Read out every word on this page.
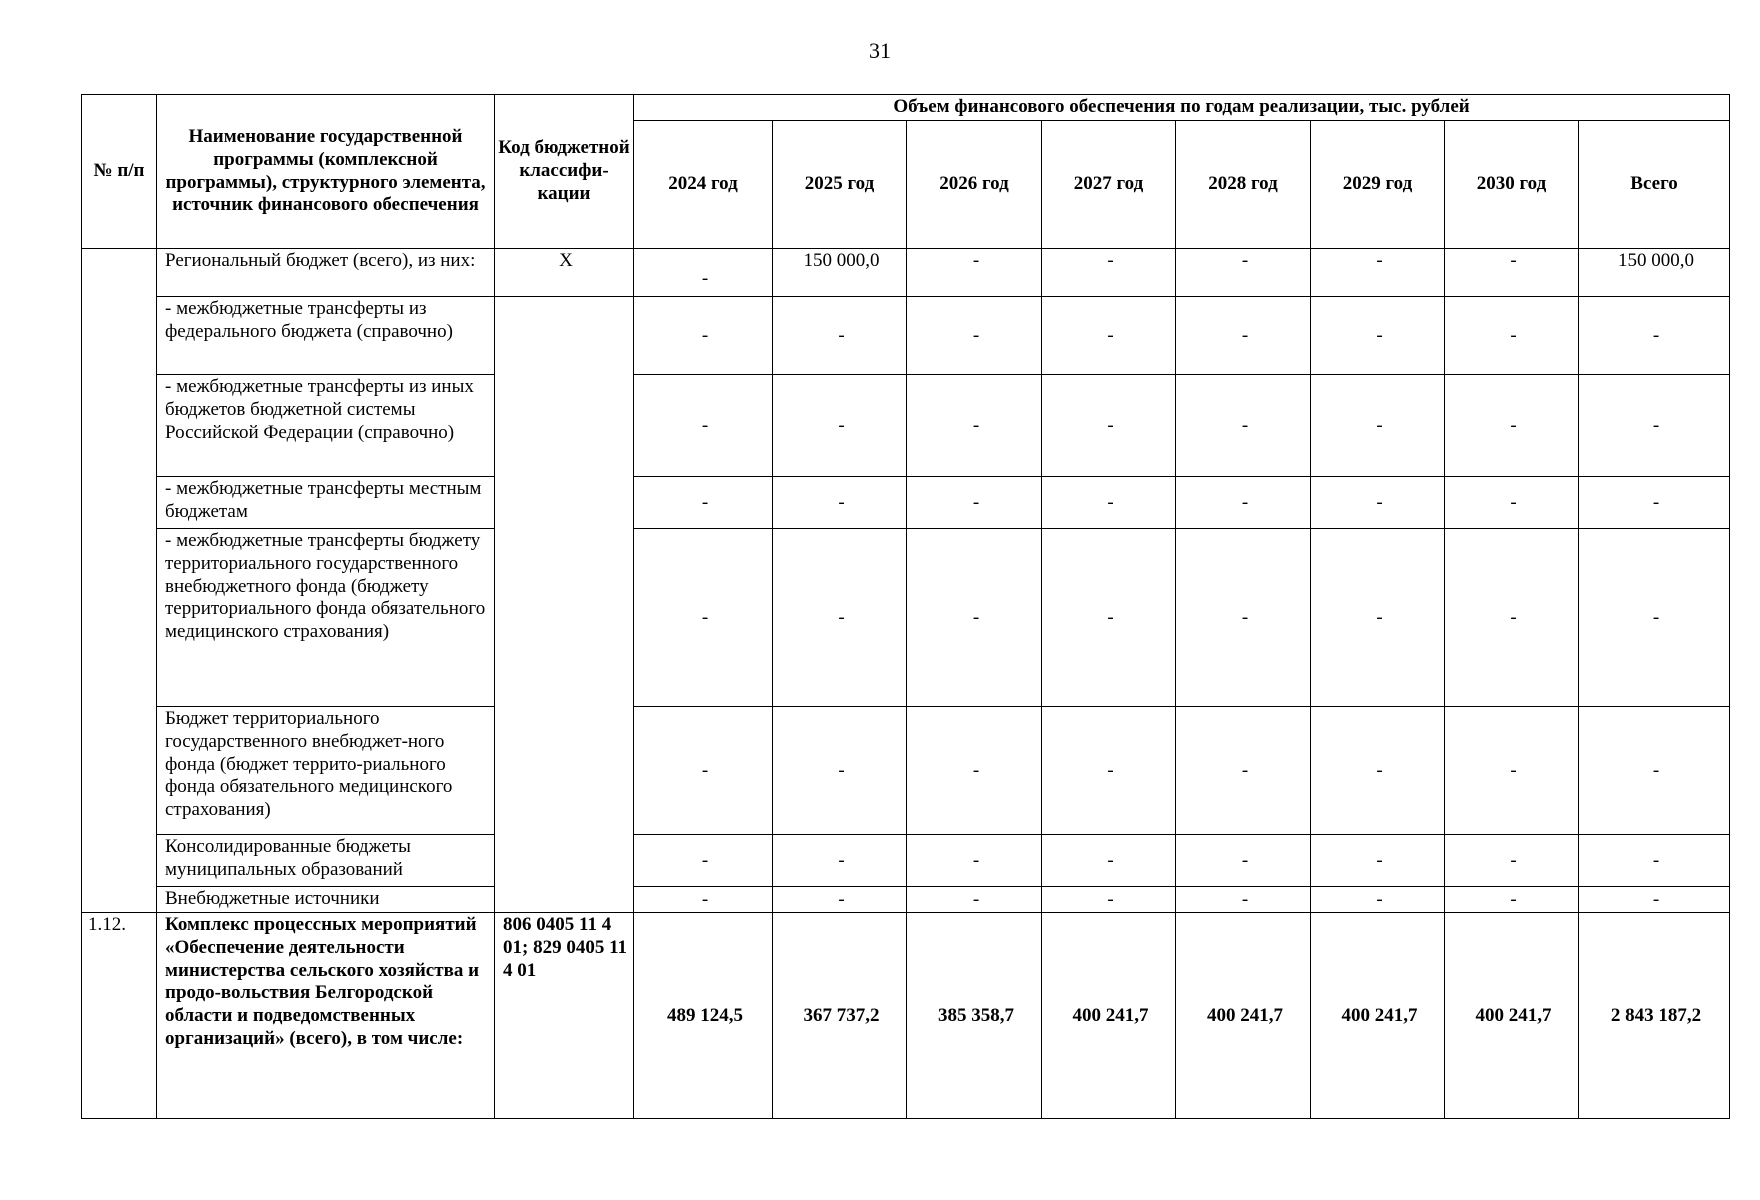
31
№ п/п	Наименование государственной программы (комплексной программы), структурного элемента, источник финансового обеспечения	Код бюджетной классифи-кации	Объем финансового обеспечения по годам реализации, тыс. рублей							
			2024 год	2025 год	2026 год	2027 год	2028 год	2029 год	2030 год	Всего
	Региональный бюджет (всего), из них:	X	-	150 000,0	-	-	-	-	-	150 000,0
	- межбюджетные трансферты из федерального бюджета (справочно)		-	-	-	-	-	-	-	-
	- межбюджетные трансферты из иных бюджетов бюджетной системы Российской Федерации (справочно)		-	-	-	-	-	-	-	-
	- межбюджетные трансферты местным бюджетам		-	-	-	-	-	-	-	-
	- межбюджетные трансферты бюджету территориального государственного внебюджетного фонда (бюджету территориального фонда обязательного медицинского страхования)		-	-	-	-	-	-	-	-
	Бюджет территориального государственного внебюджет-ного фонда (бюджет террито-риального фонда обязательного медицинского страхования)		-	-	-	-	-	-	-	-
	Консолидированные бюджеты муниципальных образований		-	-	-	-	-	-	-	-
	Внебюджетные источники		-	-	-	-	-	-	-	-
1.12.	Комплекс процессных мероприятий «Обеспечение деятельности министерства сельского хозяйства и продо-вольствия Белгородской области и подведомственных организаций» (всего), в том числе:	806 0405 11 4 01; 829 0405 11 4 01	489 124,5	367 737,2	385 358,7	400 241,7	400 241,7	400 241,7	400 241,7	2 843 187,2
